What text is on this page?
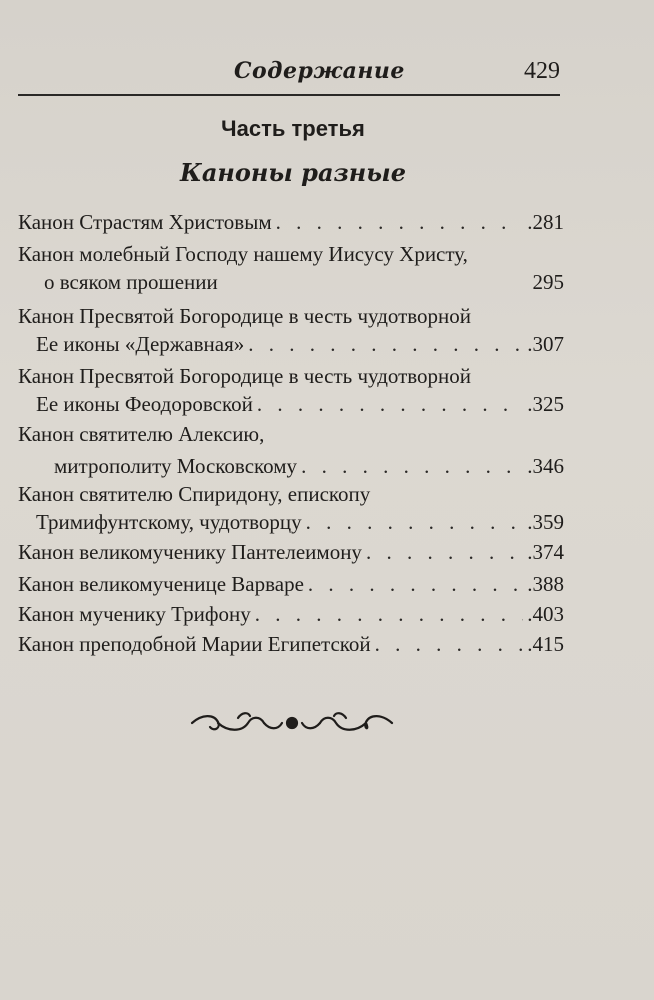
Содержание	429
Часть третья
Каноны разные
Канон Страстям Христовым . . .	.281
Канон молебный Господу нашему Иисусу Христу,
о всяком прошении	295
Канон Пресвятой Богородице в честь чудотворной
Ее иконы «Державная» . . .	.307
Канон Пресвятой Богородице в честь чудотворной
Ее иконы Феодоровской . . .	.325
Канон святителю Алексию,
митрополиту Московскому . . .	.346
Канон святителю Спиридону, епископу
Тримифунтскому, чудотворцу . . .	.359
Канон великомученику Пантелеимону . . .	.374
Канон великомученице Варваре . . .	.388
Канон мученику Трифону . . .	.403
Канон преподобной Марии Египетской . . .	.415
